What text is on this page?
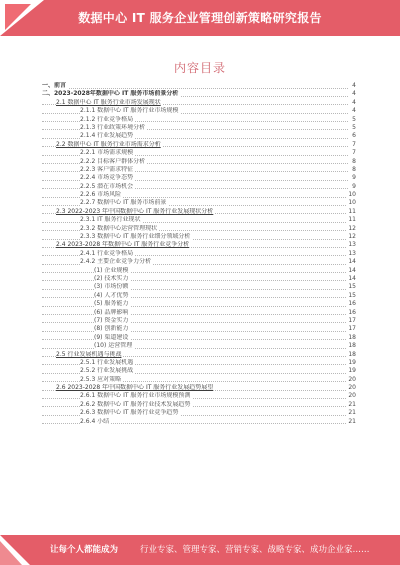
数据中心 IT 服务企业管理创新策略研究报告
内容目录
一、前言	4
二、2023-2028年数据中心 IT 服务市场前景分析	4
2.1 数据中心 IT 服务行业市场发展现状	4
2.1.1 数据中心 IT 服务行业市场规模	4
2.1.2 行业竞争格局	5
2.1.3 行业政策环境分析	5
2.1.4 行业发展趋势	6
2.2 数据中心 IT 服务行业市场需求分析	7
2.2.1 市场需求规模	7
2.2.2 目标客户群体分析	8
2.2.3 客户需求特征	8
2.2.4 市场竞争态势	9
2.2.5 潜在市场机会	9
2.2.6 市场风险	10
2.2.7 数据中心 IT 服务市场前景	10
2.3 2022-2023 年中国数据中心 IT 服务行业发展现状分析	11
2.3.1 IT 服务行业现状	11
2.3.2 数据中心运营管理现状	12
2.3.3 数据中心 IT 服务行业细分领域分析	12
2.4 2023-2028 年数据中心 IT 服务行业竞争分析	13
2.4.1 行业竞争格局	13
2.4.2 主要企业竞争力分析	14
(1) 企业规模	14
(2) 技术实力	14
(3) 市场份额	15
(4) 人才优势	15
(5) 服务能力	16
(6) 品牌影响	16
(7) 资金实力	17
(8) 创新能力	17
(9) 渠道建设	18
(10) 运营管理	18
2.5 行业发展机遇与挑战	18
2.5.1 行业发展机遇	19
2.5.2 行业发展挑战	19
2.5.3 应对策略	20
2.6 2023-2028 年中国数据中心 IT 服务行业发展趋势展望	20
2.6.1 数据中心 IT 服务行业市场规模预测	20
2.6.2 数据中心 IT 服务行业技术发展趋势	21
2.6.3 数据中心 IT 服务行业竞争趋势	21
2.6.4 小结	21
让每个人都能成为	行业专家、管理专家、营销专家、战略专家、成功企业家……
